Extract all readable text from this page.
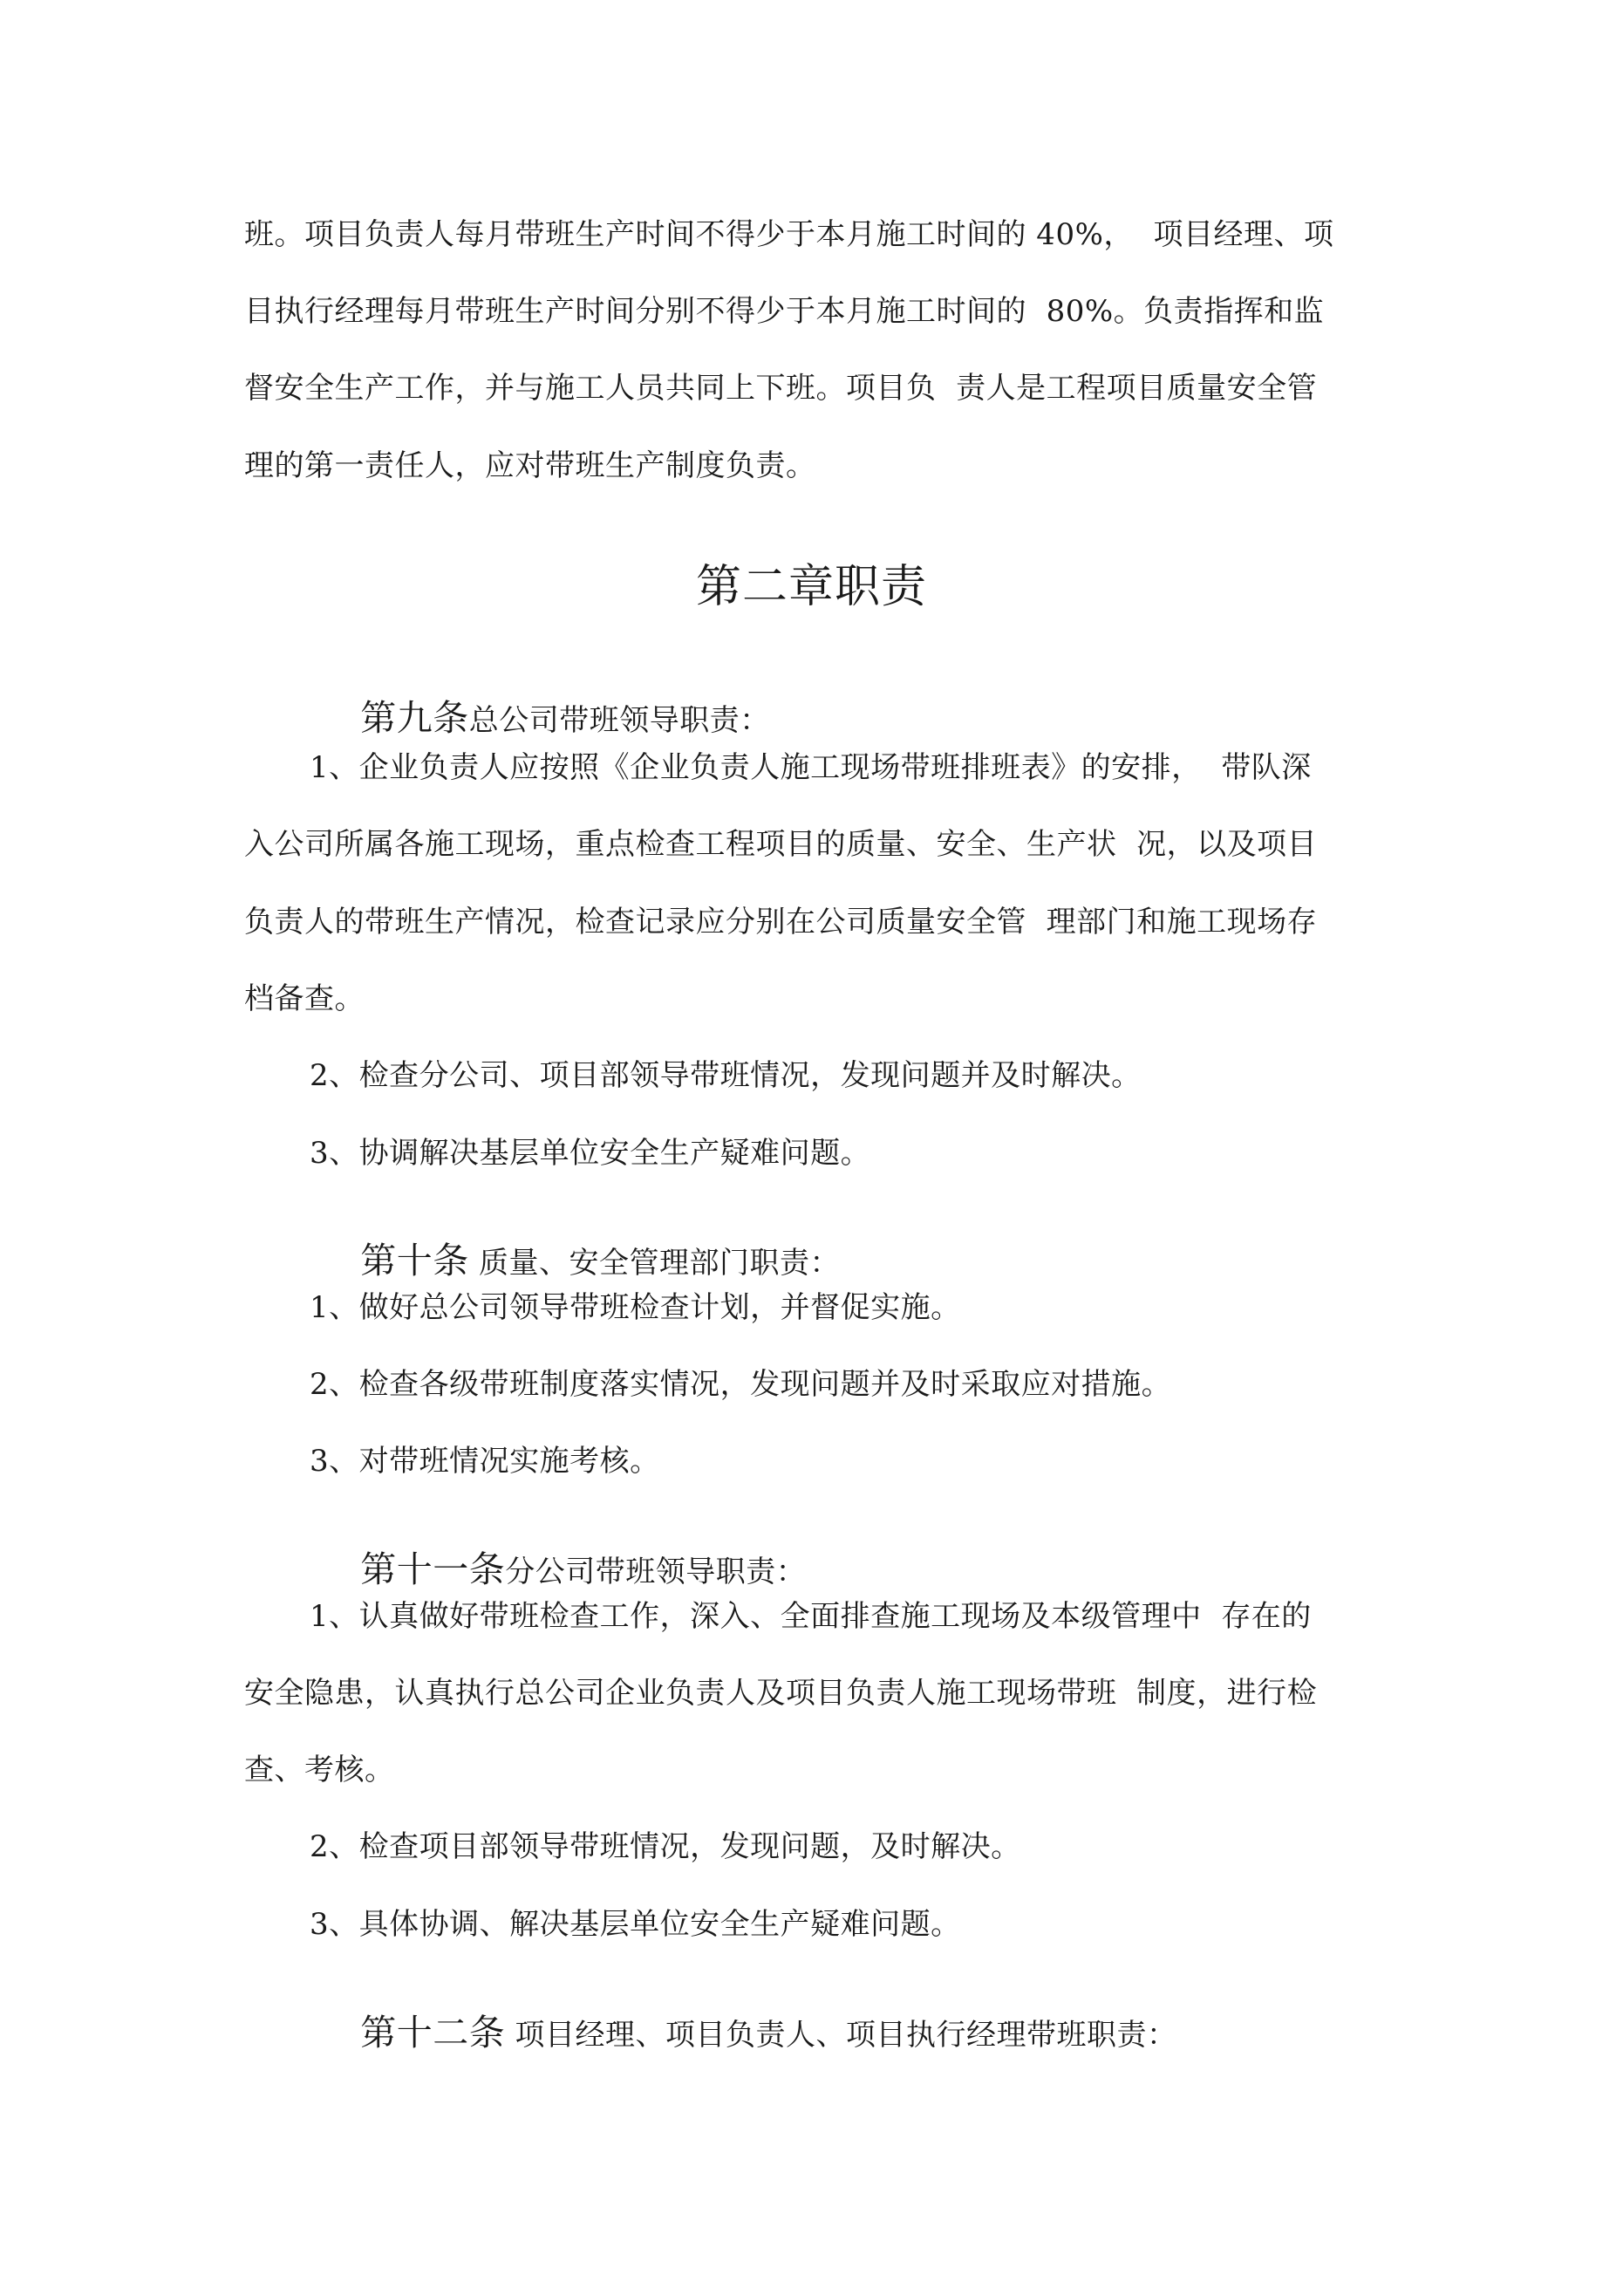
班。项目负责人每月带班生产时间不得少于本月施工时间的 40%，  项目经理、项
目执行经理每月带班生产时间分别不得少于本月施工时间的  80%。负责指挥和监
督安全生产工作，并与施工人员共同上下班。项目负  责人是工程项目质量安全管
理的第一责任人，应对带班生产制度负责。
第二章职责

第九条总公司带班领导职责：

1、企业负责人应按照《企业负责人施工现场带班排班表》的安排，  带队深
入公司所属各施工现场，重点检查工程项目的质量、安全、生产状  况，以及项目
负责人的带班生产情况，检查记录应分别在公司质量安全管  理部门和施工现场存
档备查。
2、检查分公司、项目部领导带班情况，发现问题并及时解决。
3、协调解决基层单位安全生产疑难问题。

第十条 质量、安全管理部门职责：

1、做好总公司领导带班检查计划，并督促实施。
2、检查各级带班制度落实情况，发现问题并及时采取应对措施。
3、对带班情况实施考核。

第十一条分公司带班领导职责：

1、认真做好带班检查工作，深入、全面排查施工现场及本级管理中  存在的
安全隐患，认真执行总公司企业负责人及项目负责人施工现场带班  制度，进行检
查、考核。
2、检查项目部领导带班情况，发现问题，及时解决。
3、具体协调、解决基层单位安全生产疑难问题。

第十二条 项目经理、项目负责人、项目执行经理带班职责：
